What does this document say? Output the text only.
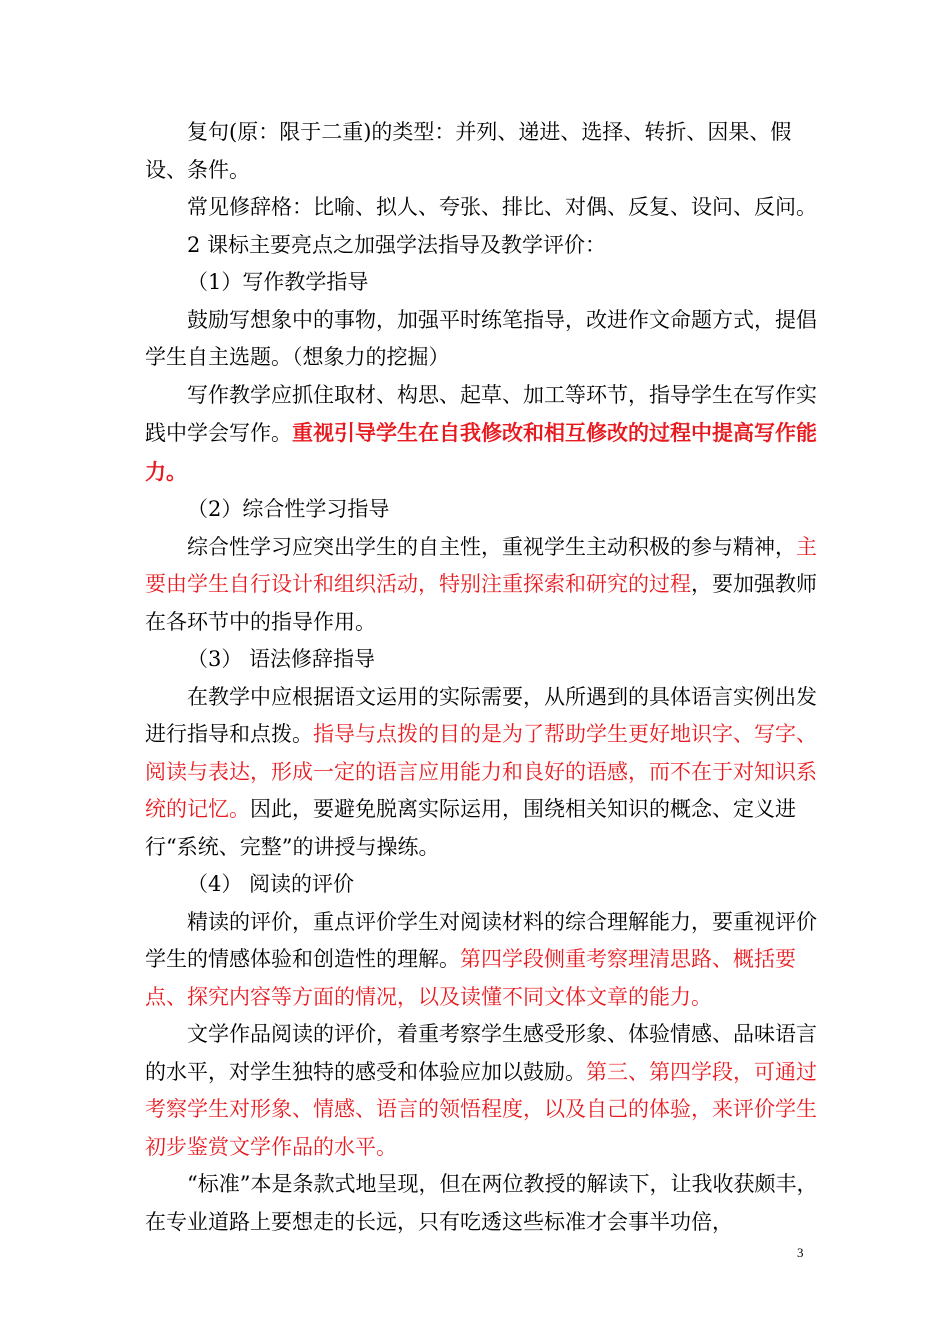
复句(原：限于二重)的类型：并列、递进、选择、转折、因果、假设、条件。

常见修辞格：比喻、拟人、夸张、排比、对偶、反复、设问、反问。

2 课标主要亮点之加强学法指导及教学评价：

（1）写作教学指导

鼓励写想象中的事物，加强平时练笔指导，改进作文命题方式，提倡学生自主选题。（想象力的挖掘）

写作教学应抓住取材、构思、起草、加工等环节，指导学生在写作实践中学会写作。重视引导学生在自我修改和相互修改的过程中提高写作能力。

（2）综合性学习指导

综合性学习应突出学生的自主性，重视学生主动积极的参与精神，主要由学生自行设计和组织活动，特别注重探索和研究的过程，要加强教师在各环节中的指导作用。

（3） 语法修辞指导

在教学中应根据语文运用的实际需要，从所遇到的具体语言实例出发进行指导和点拨。指导与点拨的目的是为了帮助学生更好地识字、写字、阅读与表达，形成一定的语言应用能力和良好的语感，而不在于对知识系统的记忆。因此，要避免脱离实际运用，围绕相关知识的概念、定义进行“系统、完整”的讲授与操练。

（4） 阅读的评价

精读的评价，重点评价学生对阅读材料的综合理解能力，要重视评价学生的情感体验和创造性的理解。第四学段侧重考察理清思路、概括要点、探究内容等方面的情况，以及读懂不同文体文章的能力。

文学作品阅读的评价，着重考察学生感受形象、体验情感、品味语言的水平，对学生独特的感受和体验应加以鼓励。第三、第四学段，可通过考察学生对形象、情感、语言的领悟程度，以及自己的体验，来评价学生初步鉴赏文学作品的水平。

“标准”本是条款式地呈现，但在两位教授的解读下，让我收获颇丰，在专业道路上要想走的长远，只有吃透这些标准才会事半功倍，

3
